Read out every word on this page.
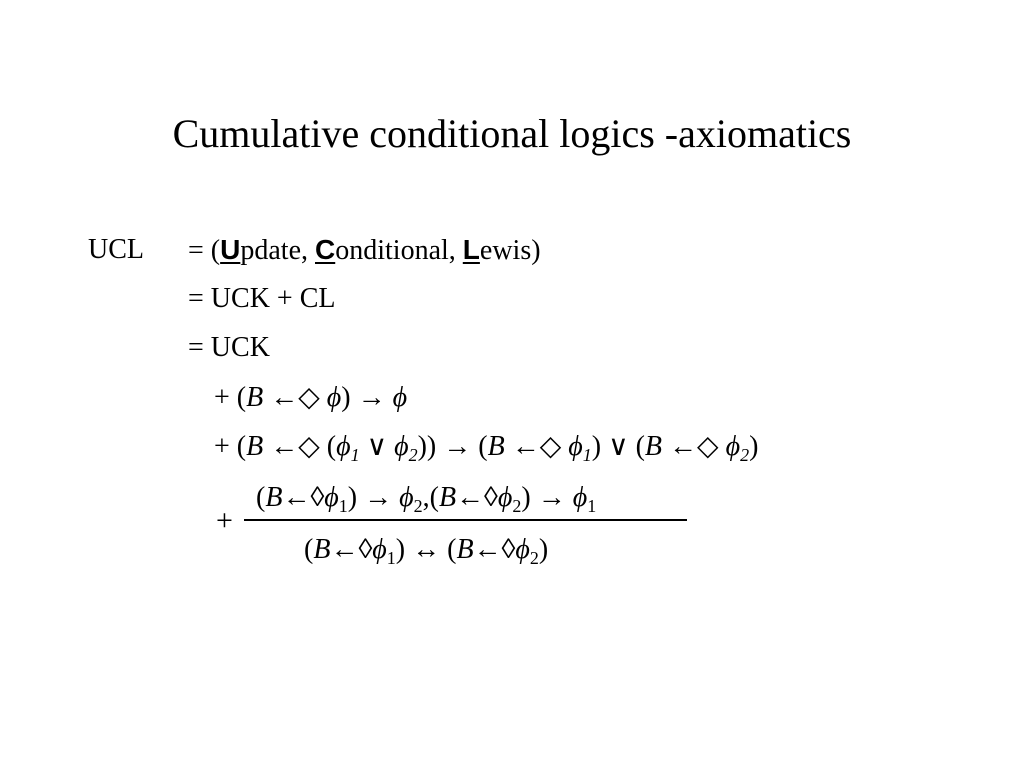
Cumulative conditional logics -axiomatics
UCL = (Update, Conditional, Lewis)
= UCK + CL
= UCK
+ (B ←◇ ϕ) → ϕ
+ (B ←◇ ($\phi_1$ ∨ $\phi_2)) \to (B$ ←◇ $\phi_1$) ∨ (B ←◇ $\phi_2$)
+
$(B\leftarrow◊\phi_1)$ → $\phi_2,(B\leftarrow◊\phi_2) \to \phi_1$
$(B\leftarrow◊\phi_1)$ ↔ $(B\leftarrow◊\phi_2)$
